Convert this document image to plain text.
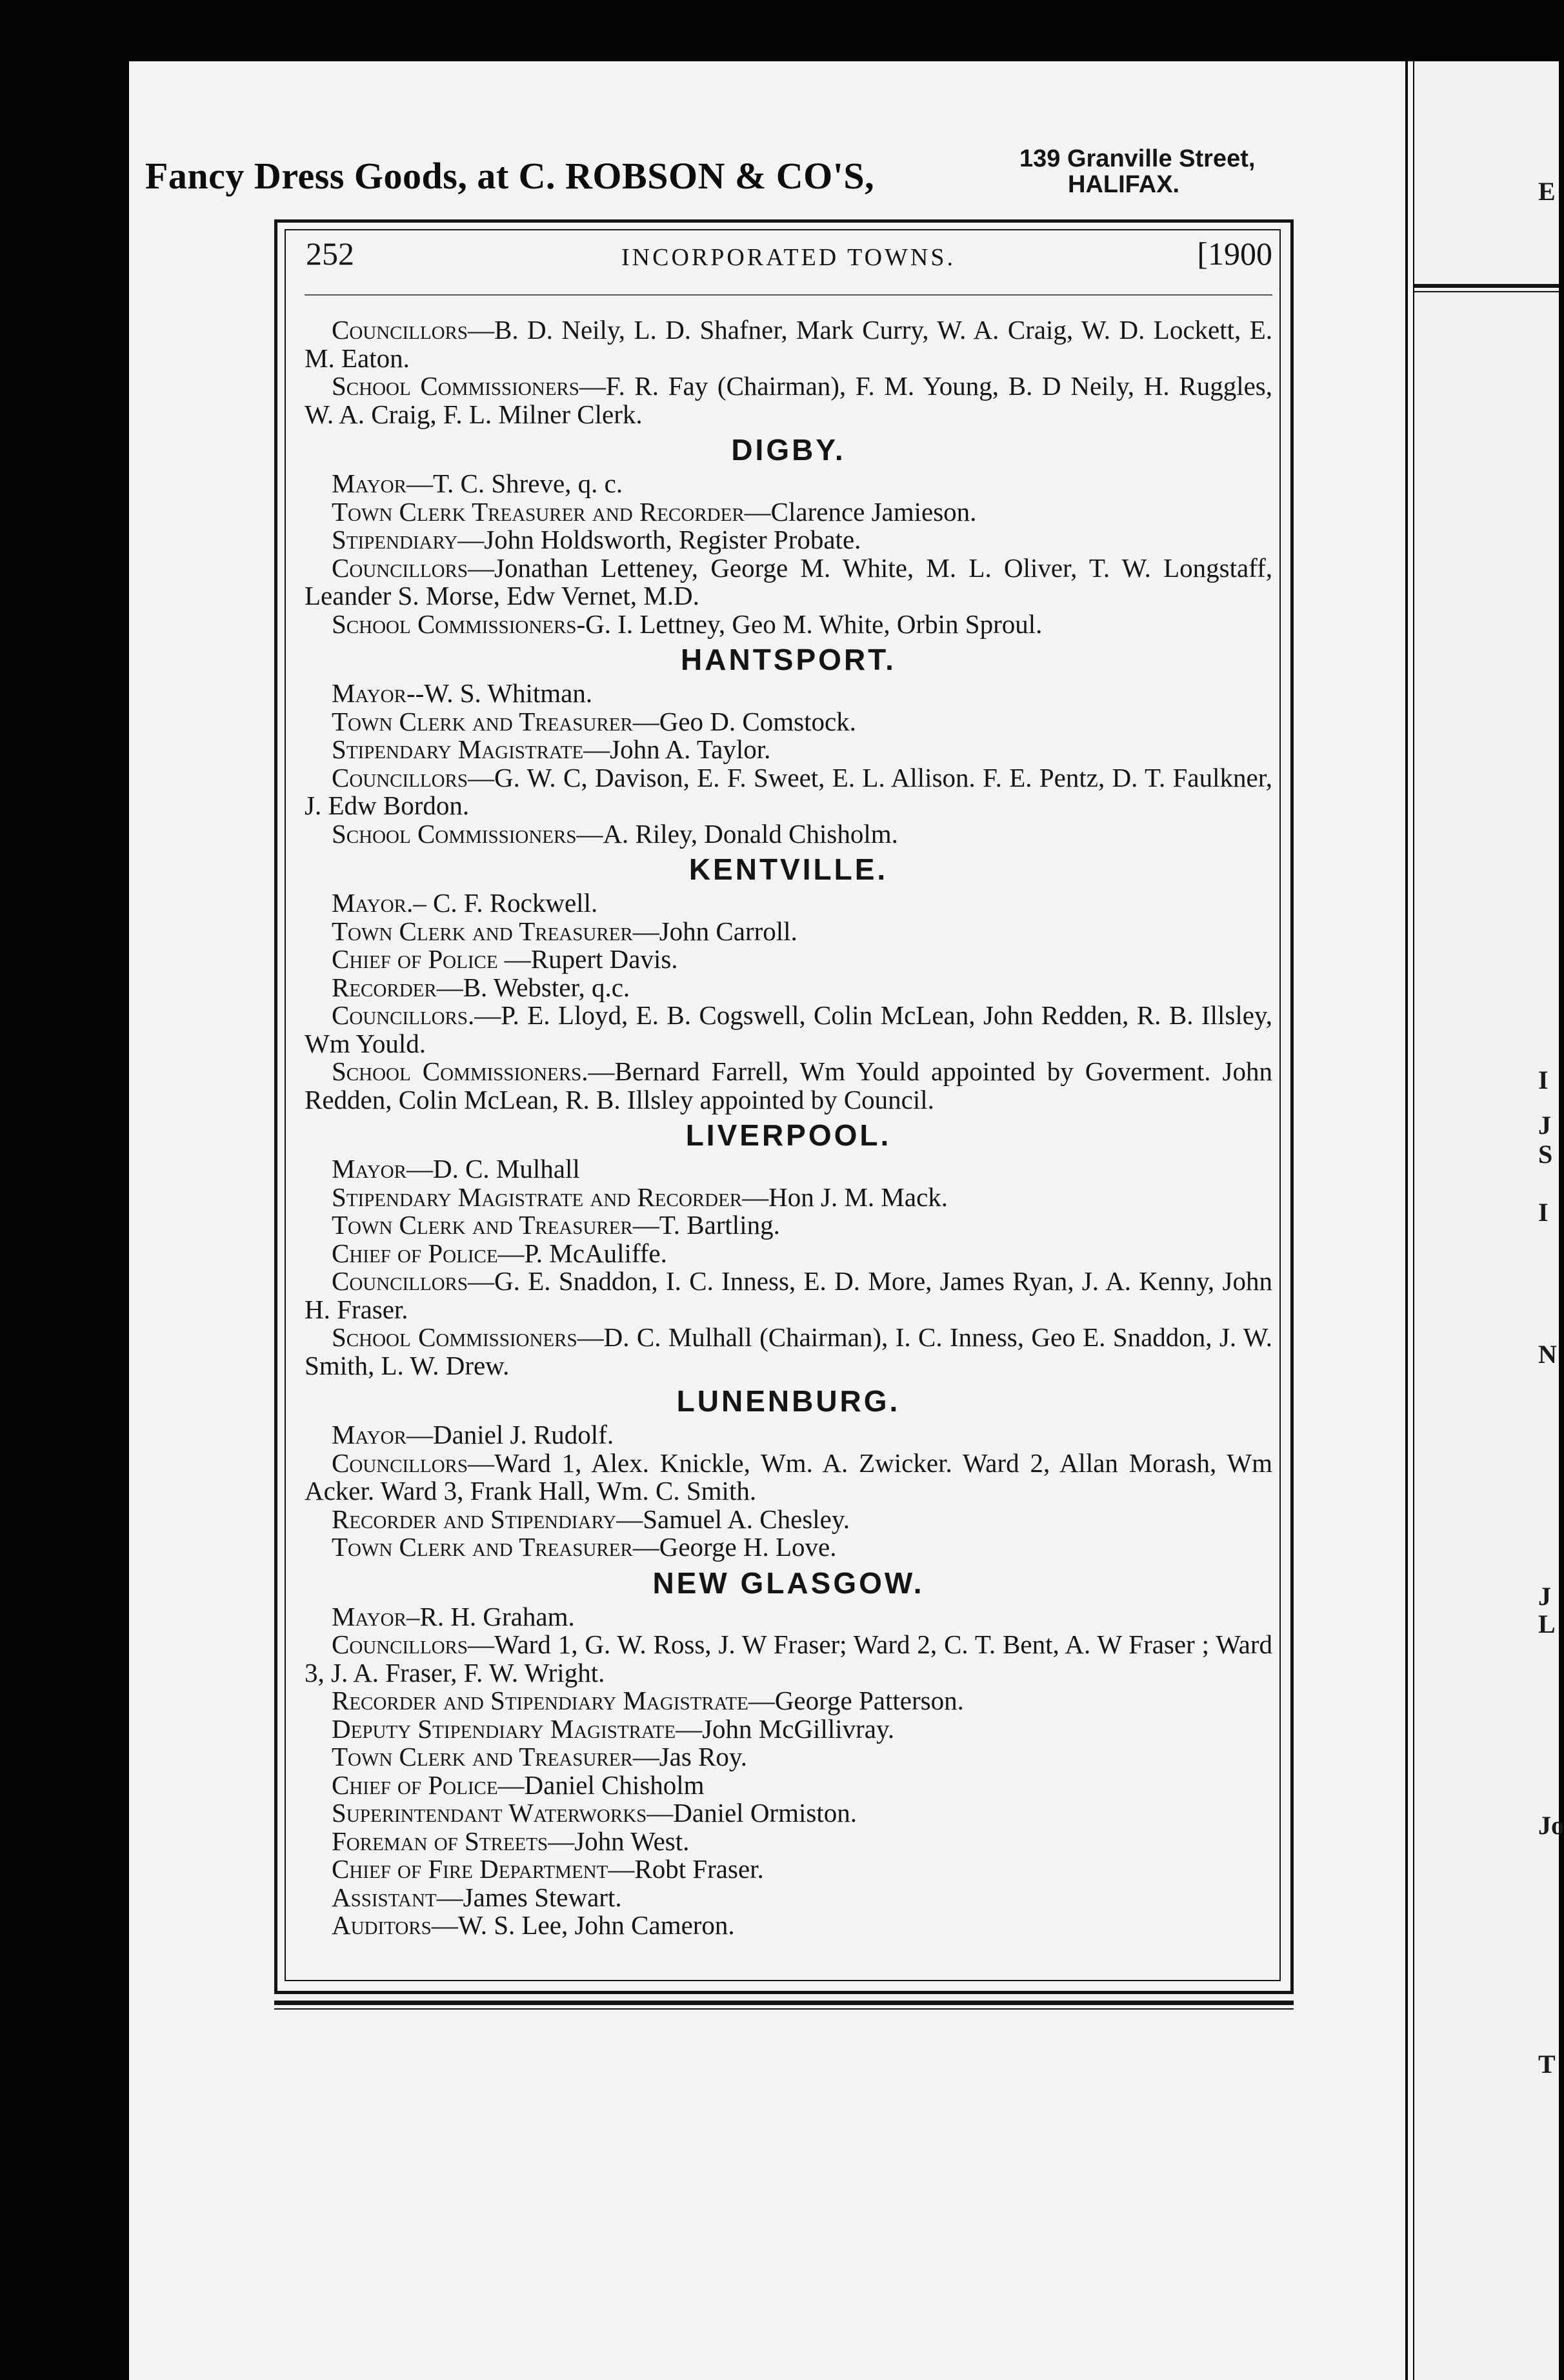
E
I
J
S
I
N
J
L
Jo
T
Fancy Dress Goods, at C. ROBSON & CO'S,	139 Granville Street,
HALIFAX.
252	INCORPORATED TOWNS.	[1900

Councillors—B. D. Neily, L. D. Shafner, Mark Curry, W. A. Craig, W. D. Lockett, E. M. Eaton.

School Commissioners—F. R. Fay (Chairman), F. M. Young, B. D Neily, H. Ruggles, W. A. Craig, F. L. Milner Clerk.

DIGBY.

Mayor—T. C. Shreve, q. c.

Town Clerk Treasurer and Recorder—Clarence Jamieson.

Stipendiary—John Holdsworth, Register Probate.

Councillors—Jonathan Letteney, George M. White, M. L. Oliver, T. W. Longstaff, Leander S. Morse, Edw Vernet, M.D.

School Commissioners-G. I. Lettney, Geo M. White, Orbin Sproul.

HANTSPORT.

Mayor--W. S. Whitman.

Town Clerk and Treasurer—Geo D. Comstock.

Stipendary Magistrate—John A. Taylor.

Councillors—G. W. C, Davison, E. F. Sweet, E. L. Allison. F. E. Pentz, D. T. Faulkner, J. Edw Bordon.

School Commissioners—A. Riley, Donald Chisholm.

KENTVILLE.

Mayor.– C. F. Rockwell.

Town Clerk and Treasurer—John Carroll.

Chief of Police —Rupert Davis.

Recorder—B. Webster, q.c.

Councillors.—P. E. Lloyd, E. B. Cogswell, Colin McLean, John Redden, R. B. Illsley, Wm Yould.

School Commissioners.—Bernard Farrell, Wm Yould appointed by Goverment. John Redden, Colin McLean, R. B. Illsley appointed by Council.

LIVERPOOL.

Mayor—D. C. Mulhall

Stipendary Magistrate and Recorder—Hon J. M. Mack.

Town Clerk and Treasurer—T. Bartling.

Chief of Police—P. McAuliffe.

Councillors—G. E. Snaddon, I. C. Inness, E. D. More, James Ryan, J. A. Kenny, John H. Fraser.

School Commissioners—D. C. Mulhall (Chairman), I. C. Inness, Geo E. Snaddon, J. W. Smith, L. W. Drew.

LUNENBURG.

Mayor—Daniel J. Rudolf.

Councillors—Ward 1, Alex. Knickle, Wm. A. Zwicker. Ward 2, Allan Morash, Wm Acker. Ward 3, Frank Hall, Wm. C. Smith.

Recorder and Stipendiary—Samuel A. Chesley.

Town Clerk and Treasurer—George H. Love.

NEW GLASGOW.

Mayor–R. H. Graham.

Councillors—Ward 1, G. W. Ross, J. W Fraser; Ward 2, C. T. Bent, A. W Fraser ; Ward 3, J. A. Fraser, F. W. Wright.

Recorder and Stipendiary Magistrate—George Patterson.

Deputy Stipendiary Magistrate—John McGillivray.

Town Clerk and Treasurer—Jas Roy.

Chief of Police—Daniel Chisholm

Superintendant Waterworks—Daniel Ormiston.

Foreman of Streets—John West.

Chief of Fire Department—Robt Fraser.

Assistant—James Stewart.

Auditors—W. S. Lee, John Cameron.
